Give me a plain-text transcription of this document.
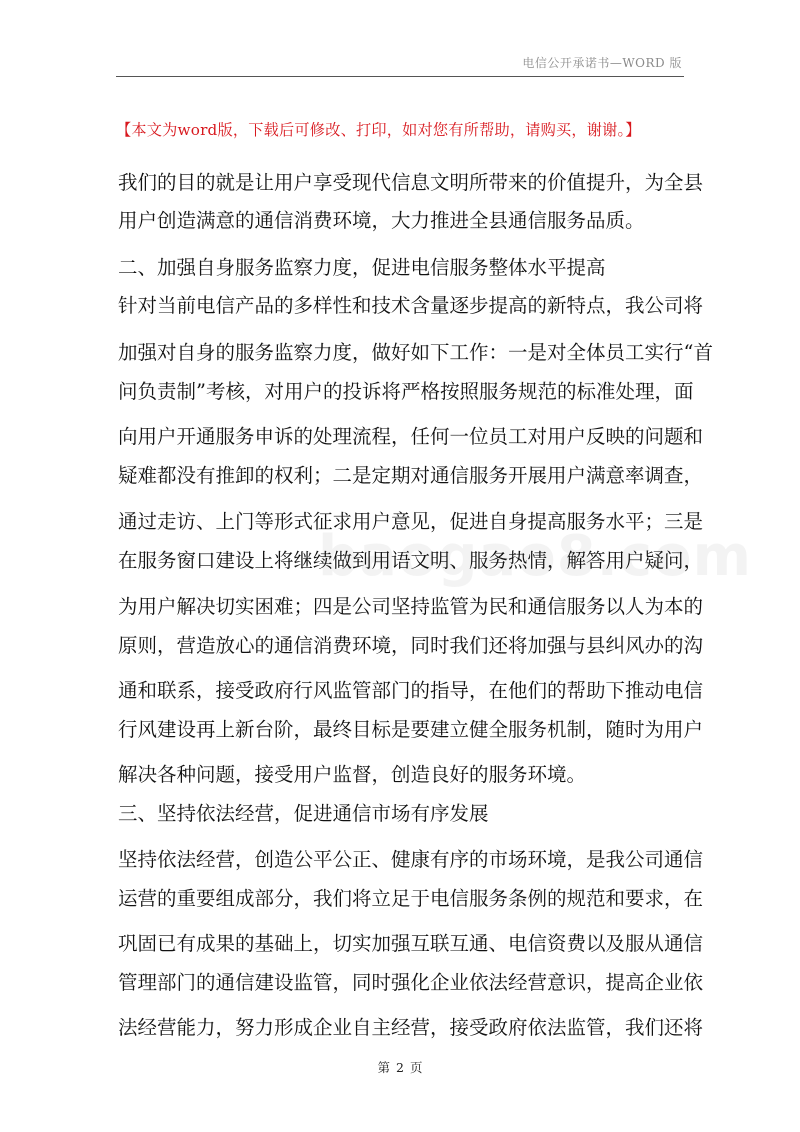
电信公开承诺书—WORD 版
【本文为word版，下载后可修改、打印，如对您有所帮助，请购买，谢谢。】
我们的目的就是让用户享受现代信息文明所带来的价值提升，为全县
用户创造满意的通信消费环境，大力推进全县通信服务品质。
二、加强自身服务监察力度，促进电信服务整体水平提高
针对当前电信产品的多样性和技术含量逐步提高的新特点，我公司将
加强对自身的服务监察力度，做好如下工作：一是对全体员工实行“首
问负责制”考核，对用户的投诉将严格按照服务规范的标准处理，面
向用户开通服务申诉的处理流程，任何一位员工对用户反映的问题和
疑难都没有推卸的权利；二是定期对通信服务开展用户满意率调查，
通过走访、上门等形式征求用户意见，促进自身提高服务水平；三是
在服务窗口建设上将继续做到用语文明、服务热情，解答用户疑问，
为用户解决切实困难；四是公司坚持监管为民和通信服务以人为本的
原则，营造放心的通信消费环境，同时我们还将加强与县纠风办的沟
通和联系，接受政府行风监管部门的指导，在他们的帮助下推动电信
行风建设再上新台阶，最终目标是要建立健全服务机制，随时为用户
解决各种问题，接受用户监督，创造良好的服务环境。
三、坚持依法经营，促进通信市场有序发展
坚持依法经营，创造公平公正、健康有序的市场环境，是我公司通信
运营的重要组成部分，我们将立足于电信服务条例的规范和要求，在
巩固已有成果的基础上，切实加强互联互通、电信资费以及服从通信
管理部门的通信建设监管，同时强化企业依法经营意识，提高企业依
法经营能力，努力形成企业自主经营，接受政府依法监管，我们还将
第 2 页
